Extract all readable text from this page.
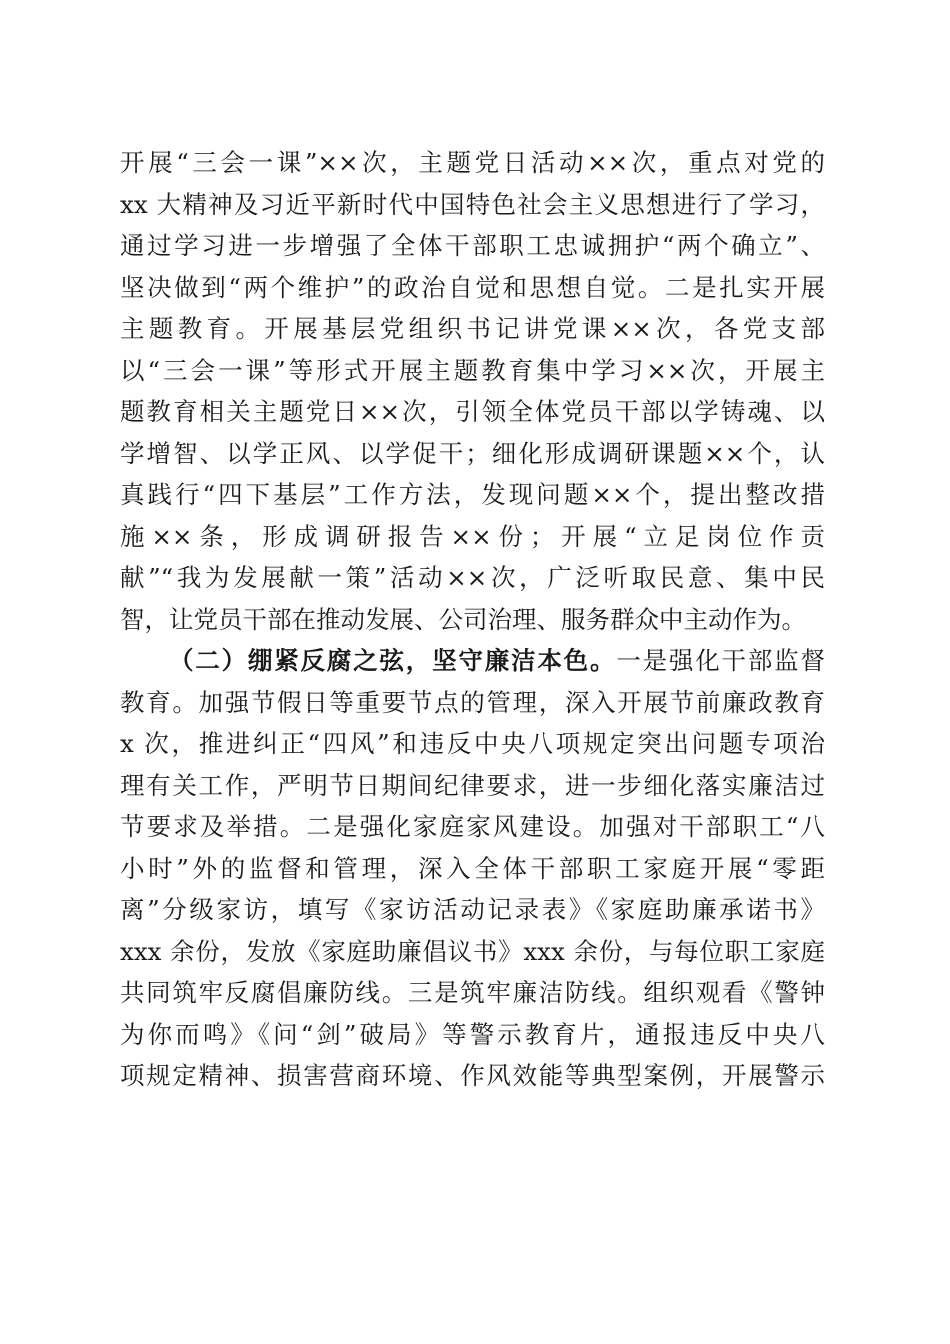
开展“三会一课”××次，主题党日活动××次，重点对党的
xx 大精神及习近平新时代中国特色社会主义思想进行了学习，
通过学习进一步增强了全体干部职工忠诚拥护“两个确立”、
坚决做到“两个维护”的政治自觉和思想自觉。二是扎实开展
主题教育。开展基层党组织书记讲党课××次，各党支部
以“三会一课”等形式开展主题教育集中学习××次，开展主
题教育相关主题党日××次，引领全体党员干部以学铸魂、以
学增智、以学正风、以学促干；细化形成调研课题××个，认
真践行“四下基层”工作方法，发现问题××个，提出整改措
施××条，形成调研报告××份；开展“立足岗位作贡
献”“我为发展献一策”活动××次，广泛听取民意、集中民
智，让党员干部在推动发展、公司治理、服务群众中主动作为。
（二）绷紧反腐之弦，坚守廉洁本色。一是强化干部监督
教育。加强节假日等重要节点的管理，深入开展节前廉政教育
x 次，推进纠正“四风”和违反中央八项规定突出问题专项治
理有关工作，严明节日期间纪律要求，进一步细化落实廉洁过
节要求及举措。二是强化家庭家风建设。加强对干部职工“八
小时”外的监督和管理，深入全体干部职工家庭开展“零距
离”分级家访，填写《家访活动记录表》《家庭助廉承诺书》
xxx 余份，发放《家庭助廉倡议书》xxx 余份，与每位职工家庭
共同筑牢反腐倡廉防线。三是筑牢廉洁防线。组织观看《警钟
为你而鸣》《问“剑”破局》等警示教育片，通报违反中央八
项规定精神、损害营商环境、作风效能等典型案例，开展警示
